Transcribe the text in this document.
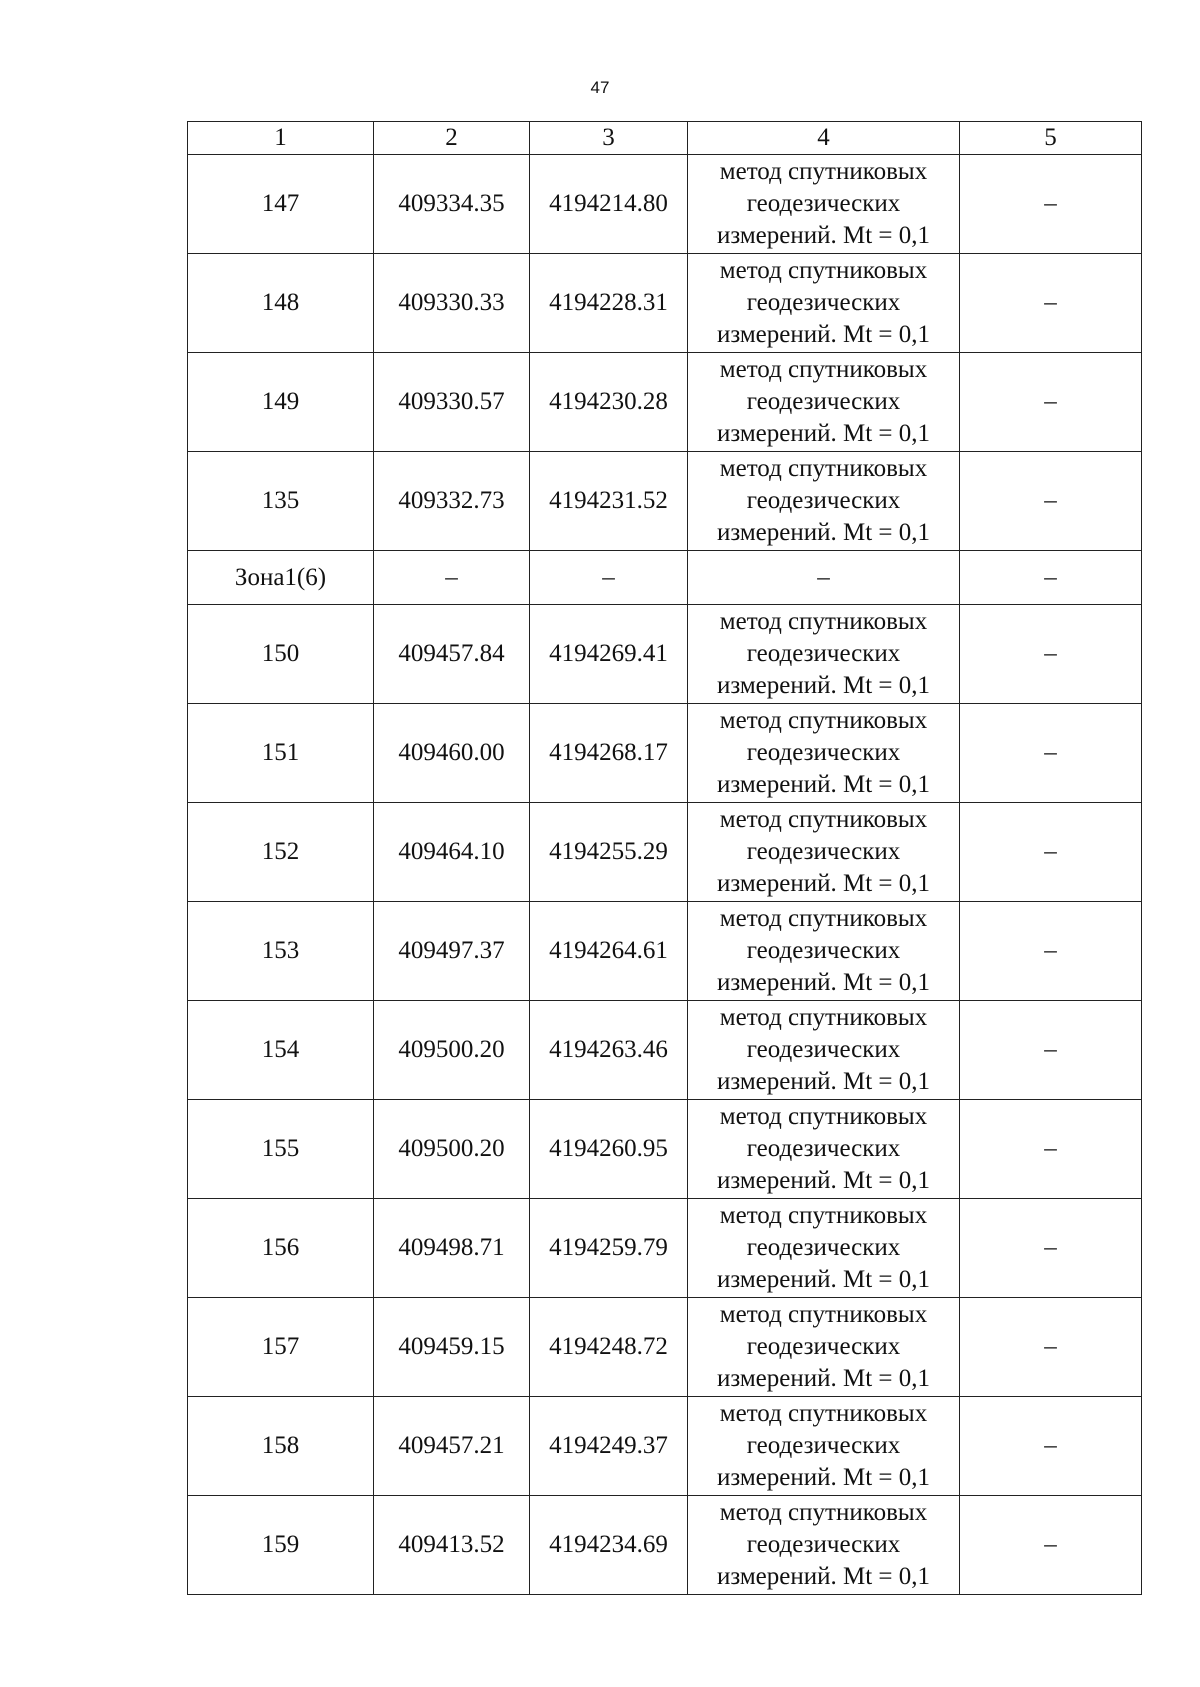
47
1	2	3	4	5
147	409334.35	4194214.80	метод спутниковых
геодезических
измерений. Mt = 0,1	–
148	409330.33	4194228.31	метод спутниковых
геодезических
измерений. Mt = 0,1	–
149	409330.57	4194230.28	метод спутниковых
геодезических
измерений. Mt = 0,1	–
135	409332.73	4194231.52	метод спутниковых
геодезических
измерений. Mt = 0,1	–
Зона1(6)	–	–	–	–
150	409457.84	4194269.41	метод спутниковых
геодезических
измерений. Mt = 0,1	–
151	409460.00	4194268.17	метод спутниковых
геодезических
измерений. Mt = 0,1	–
152	409464.10	4194255.29	метод спутниковых
геодезических
измерений. Mt = 0,1	–
153	409497.37	4194264.61	метод спутниковых
геодезических
измерений. Mt = 0,1	–
154	409500.20	4194263.46	метод спутниковых
геодезических
измерений. Mt = 0,1	–
155	409500.20	4194260.95	метод спутниковых
геодезических
измерений. Mt = 0,1	–
156	409498.71	4194259.79	метод спутниковых
геодезических
измерений. Mt = 0,1	–
157	409459.15	4194248.72	метод спутниковых
геодезических
измерений. Mt = 0,1	–
158	409457.21	4194249.37	метод спутниковых
геодезических
измерений. Mt = 0,1	–
159	409413.52	4194234.69	метод спутниковых
геодезических
измерений. Mt = 0,1	–
